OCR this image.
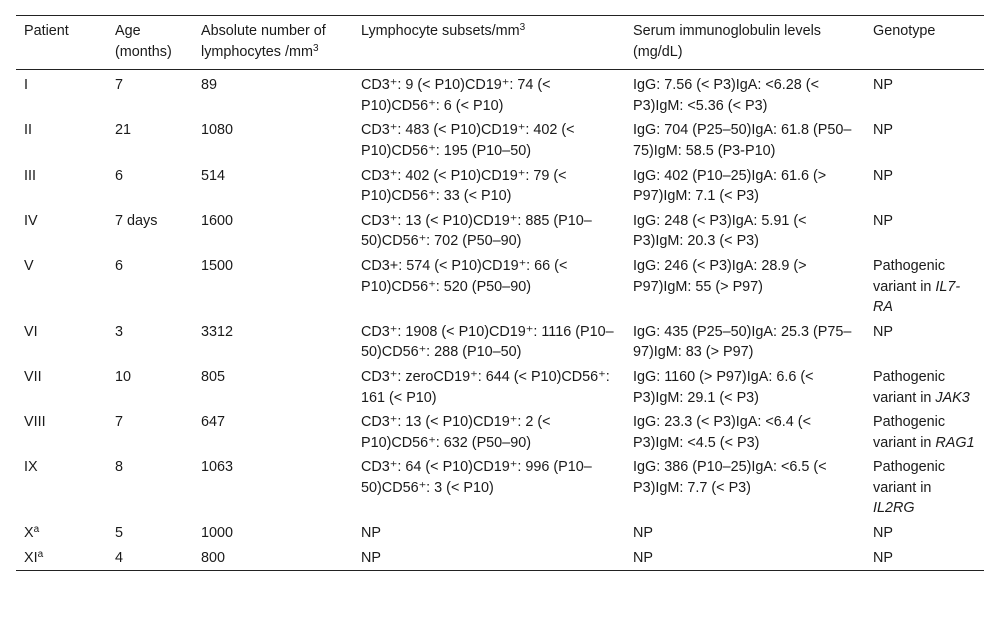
Patient	Age (months)	Absolute number of lymphocytes $/mm^3$	Lymphocyte subsets/$mm^3$	Serum immunoglobulin levels (mg/dL)	Genotype
I	7	89	CD3⁺: 9 (< P10)CD19⁺: 74 (< P10)CD56⁺: 6 (< P10)	IgG: 7.56 (< P3)IgA: <6.28 (< P3)IgM: <5.36 (< P3)	NP
II	21	1080	CD3⁺: 483 (< P10)CD19⁺: 402 (< P10)CD56⁺: 195 (P10–50)	IgG: 704 (P25–50)IgA: 61.8 (P50–75)IgM: 58.5 (P3-P10)	NP
III	6	514	CD3⁺: 402 (< P10)CD19⁺: 79 (< P10)CD56⁺: 33 (< P10)	IgG: 402 (P10–25)IgA: 61.6 (> P97)IgM: 7.1 (< P3)	NP
IV	7 days	1600	CD3⁺: 13 (< P10)CD19⁺: 885 (P10–50)CD56⁺: 702 (P50–90)	IgG: 248 (< P3)IgA: 5.91 (< P3)IgM: 20.3 (< P3)	NP
V	6	1500	CD3+: 574 (< P10)CD19⁺: 66 (< P10)CD56⁺: 520 (P50–90)	IgG: 246 (< P3)IgA: 28.9 (> P97)IgM: 55 (> P97)	Pathogenic variant in IL7-RA
VI	3	3312	CD3⁺: 1908 (< P10)CD19⁺: 1116 (P10–50)CD56⁺: 288 (P10–50)	IgG: 435 (P25–50)IgA: 25.3 (P75–97)IgM: 83 (> P97)	NP
VII	10	805	CD3⁺: zeroCD19⁺: 644 (< P10)CD56⁺: 161 (< P10)	IgG: 1160 (> P97)IgA: 6.6 (< P3)IgM: 29.1 (< P3)	Pathogenic variant in JAK3
VIII	7	647	CD3⁺: 13 (< P10)CD19⁺: 2 (< P10)CD56⁺: 632 (P50–90)	IgG: 23.3 (< P3)IgA: <6.4 (< P3)IgM: <4.5 (< P3)	Pathogenic variant in RAG1
IX	8	1063	CD3⁺: 64 (< P10)CD19⁺: 996 (P10–50)CD56⁺: 3 (< P10)	IgG: 386 (P10–25)IgA: <6.5 (< P3)IgM: 7.7 (< P3)	Pathogenic variant in IL2RG
$X^a$	5	1000	NP	NP	NP
$XI^a$	4	800	NP	NP	NP
